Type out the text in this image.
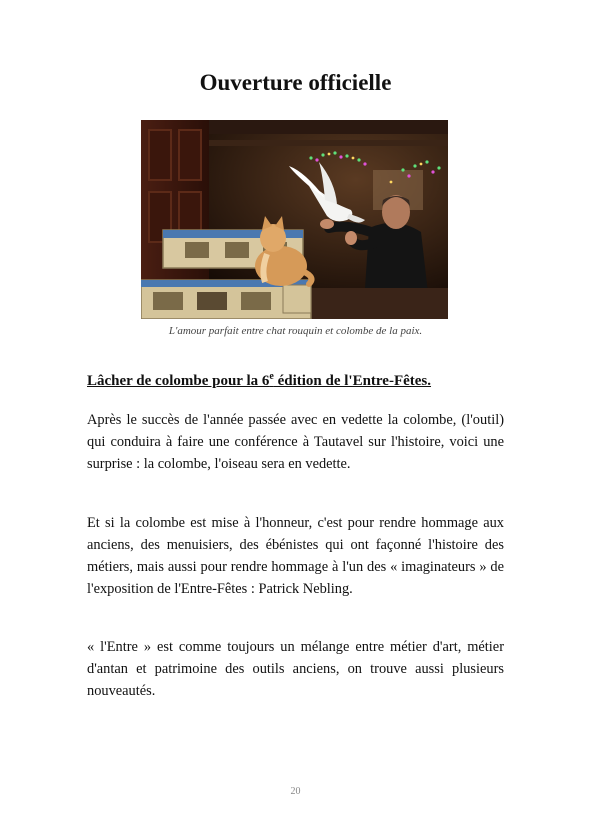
Ouverture officielle
L'amour parfait entre chat rouquin et colombe de la paix.
Lâcher de colombe pour la 6e édition de l'Entre-Fêtes.

Après le succès de l'année passée avec en vedette la colombe, (l'outil) qui conduira à faire une conférence à Tautavel sur l'histoire, voici une surprise : la colombe, l'oiseau sera en vedette.

Et si la colombe est mise à l'honneur, c'est pour rendre hommage aux anciens, des menuisiers, des ébénistes qui ont façonné l'histoire des métiers, mais aussi pour rendre hommage à l'un des « imaginateurs » de l'exposition de l'Entre-Fêtes : Patrick Nebling.

« l'Entre » est comme toujours un mélange entre métier d'art, métier d'antan et patrimoine des outils anciens, on trouve aussi plusieurs nouveautés.

20
